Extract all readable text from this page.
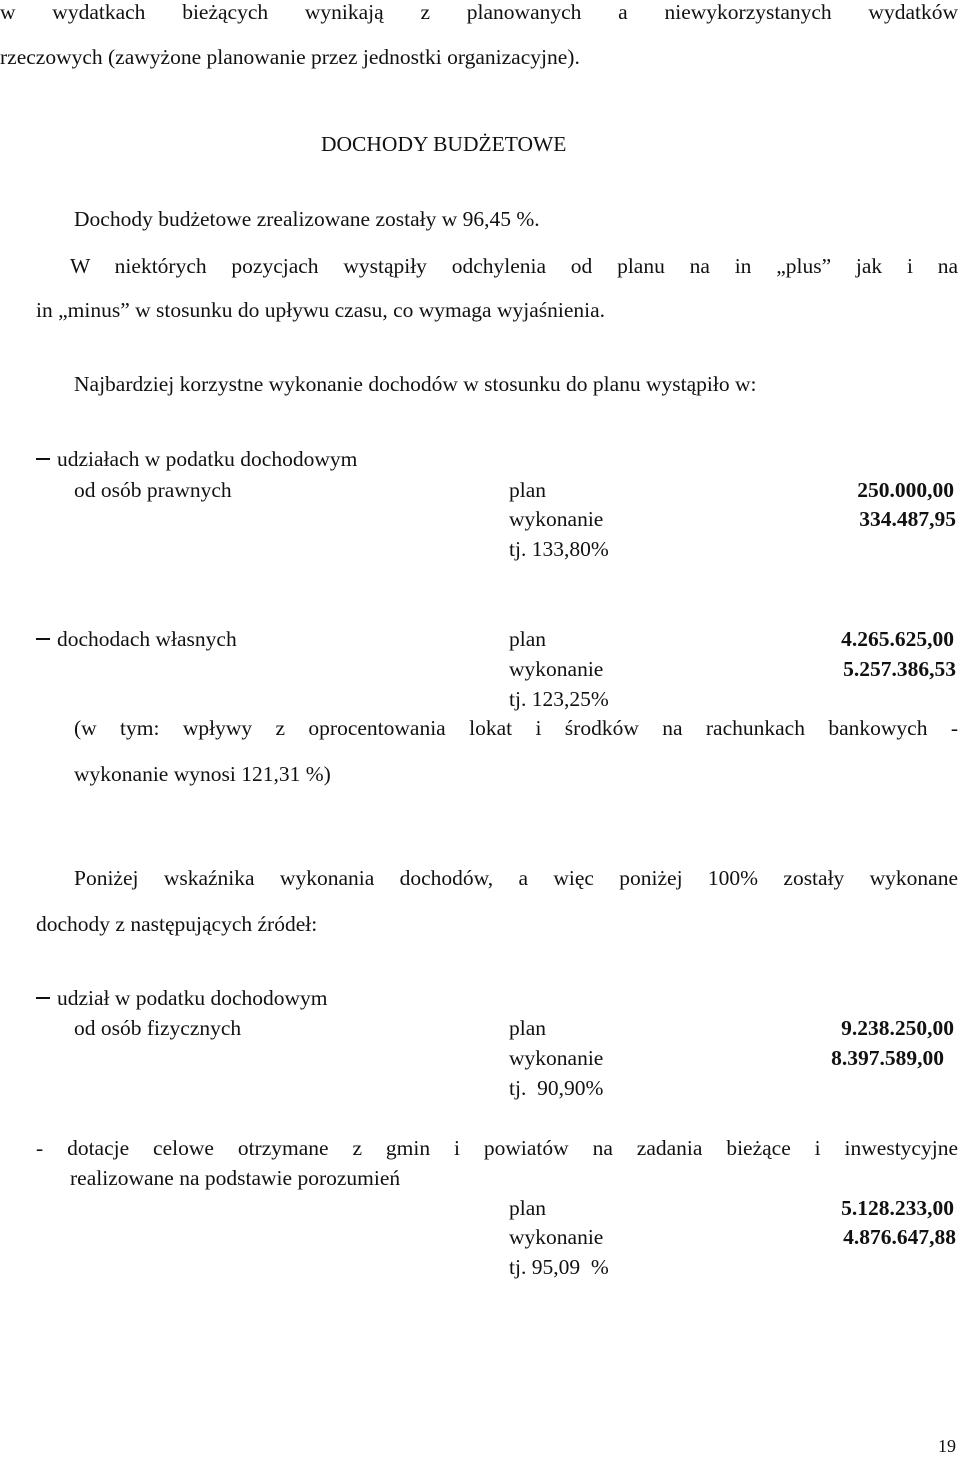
w wydatkach bieżących wynikają z planowanych a niewykorzystanych wydatków
rzeczowych (zawyżone planowanie przez jednostki organizacyjne).
DOCHODY BUDŻETOWE
Dochody budżetowe zrealizowane zostały w 96,45 %.
W niektórych pozycjach wystąpiły odchylenia od planu na in „plus” jak i na
in „minus” w stosunku do upływu czasu, co wymaga wyjaśnienia.
Najbardziej korzystne wykonanie dochodów w stosunku do planu wystąpiło w:
udziałach w podatku dochodowym
od osób prawnych	plan	250.000,00
wykonanie	334.487,95
tj. 133,80%
dochodach własnych	plan	4.265.625,00
wykonanie	5.257.386,53
tj. 123,25%
(w tym: wpływy z oprocentowania lokat i środków na rachunkach bankowych -
wykonanie wynosi 121,31 %)
Poniżej wskaźnika wykonania dochodów, a więc poniżej 100% zostały wykonane
dochody z następujących źródeł:
udział w podatku dochodowym
od osób fizycznych	plan	9.238.250,00
wykonanie	8.397.589,00
tj.  90,90%
- dotacje celowe otrzymane z gmin i powiatów na zadania bieżące i inwestycyjne
realizowane na podstawie porozumień
plan	5.128.233,00
wykonanie	4.876.647,88
tj. 95,09  %
19
